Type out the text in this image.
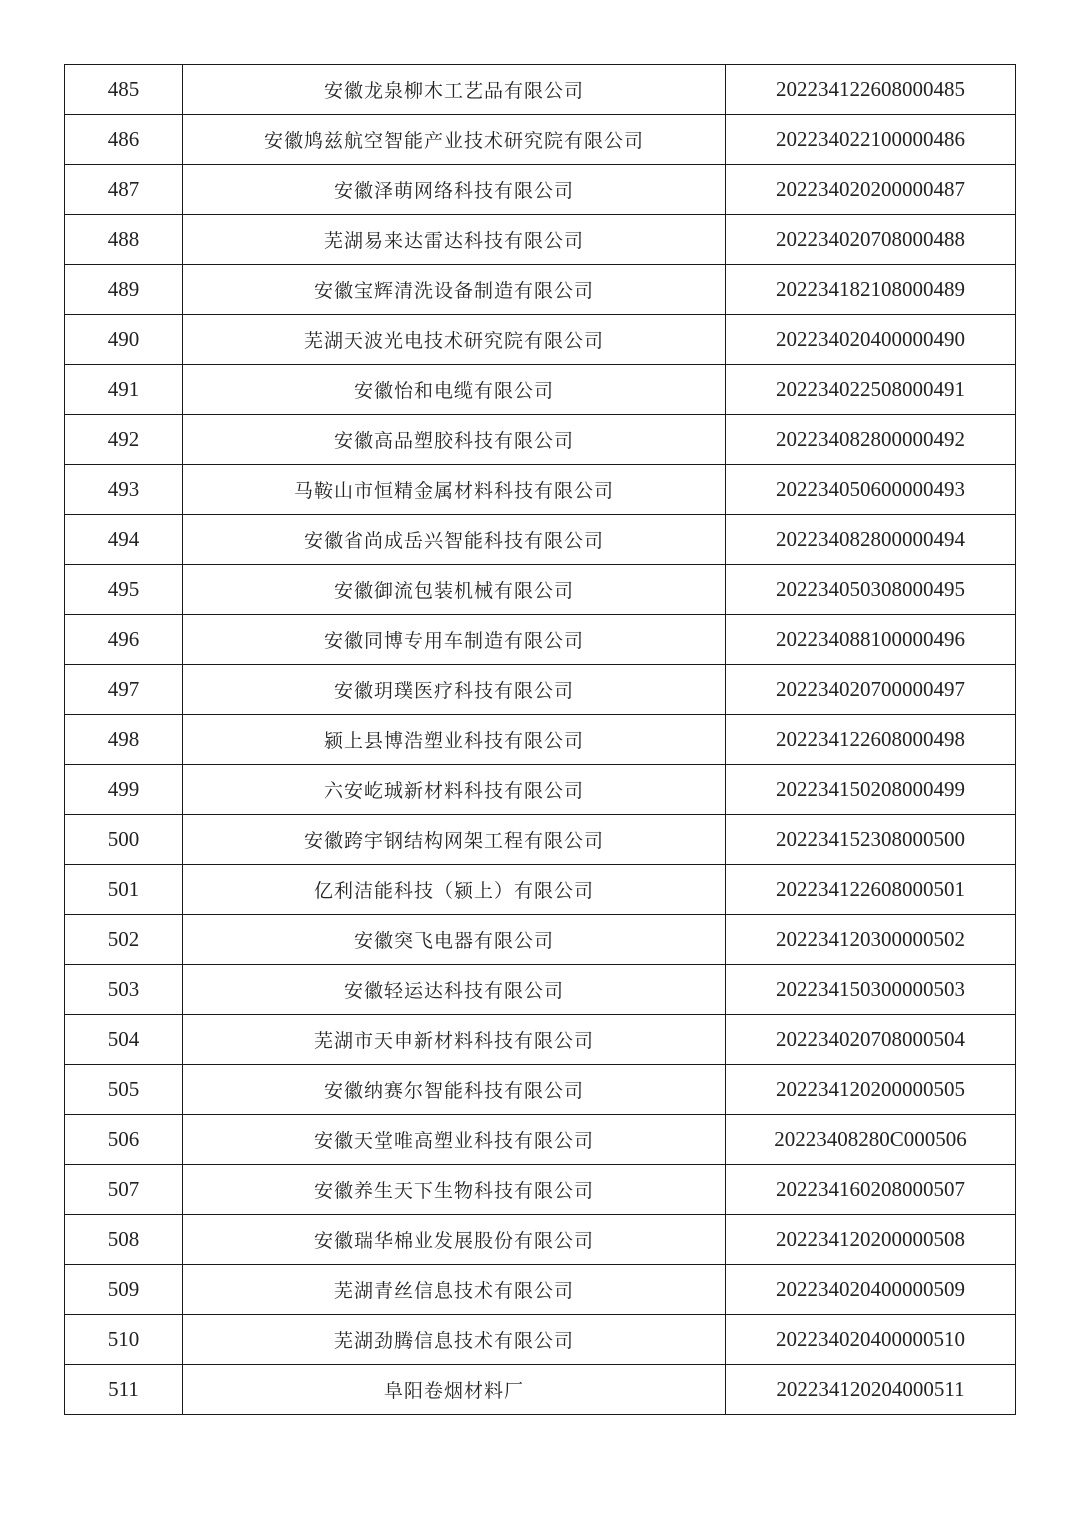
485	安徽龙泉柳木工艺品有限公司	202234122608000485
486	安徽鸠兹航空智能产业技术研究院有限公司	202234022100000486
487	安徽泽萌网络科技有限公司	202234020200000487
488	芜湖易来达雷达科技有限公司	202234020708000488
489	安徽宝辉清洗设备制造有限公司	202234182108000489
490	芜湖天波光电技术研究院有限公司	202234020400000490
491	安徽怡和电缆有限公司	202234022508000491
492	安徽高品塑胶科技有限公司	202234082800000492
493	马鞍山市恒精金属材料科技有限公司	202234050600000493
494	安徽省尚成岳兴智能科技有限公司	202234082800000494
495	安徽御流包装机械有限公司	202234050308000495
496	安徽同博专用车制造有限公司	202234088100000496
497	安徽玥璞医疗科技有限公司	202234020700000497
498	颍上县博浩塑业科技有限公司	202234122608000498
499	六安屹珹新材料科技有限公司	202234150208000499
500	安徽跨宇钢结构网架工程有限公司	202234152308000500
501	亿利洁能科技（颍上）有限公司	202234122608000501
502	安徽突飞电器有限公司	202234120300000502
503	安徽轻运达科技有限公司	202234150300000503
504	芜湖市天申新材料科技有限公司	202234020708000504
505	安徽纳赛尔智能科技有限公司	202234120200000505
506	安徽天堂唯高塑业科技有限公司	20223408280C000506
507	安徽养生天下生物科技有限公司	202234160208000507
508	安徽瑞华棉业发展股份有限公司	202234120200000508
509	芜湖青丝信息技术有限公司	202234020400000509
510	芜湖劲腾信息技术有限公司	202234020400000510
511	阜阳卷烟材料厂	202234120204000511
